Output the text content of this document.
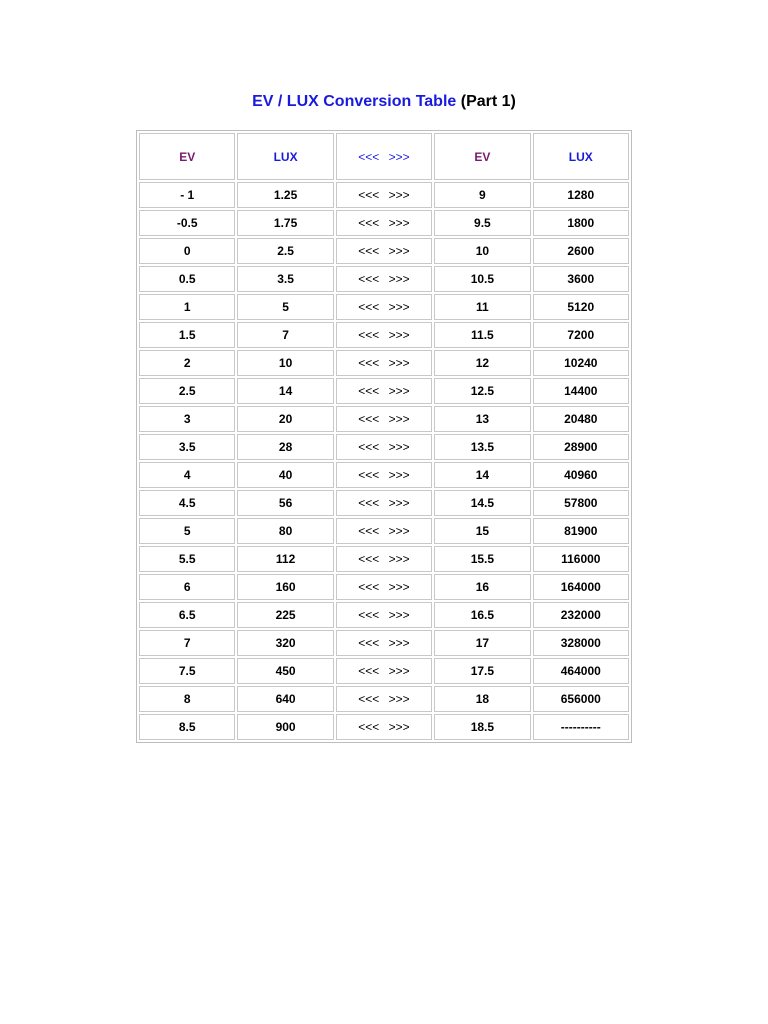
EV / LUX Conversion Table (Part 1)
EV	LUX	<<< >>>	EV	LUX
- 1	1.25	<<< >>>	9	1280
-0.5	1.75	<<< >>>	9.5	1800
0	2.5	<<< >>>	10	2600
0.5	3.5	<<< >>>	10.5	3600
1	5	<<< >>>	11	5120
1.5	7	<<< >>>	11.5	7200
2	10	<<< >>>	12	10240
2.5	14	<<< >>>	12.5	14400
3	20	<<< >>>	13	20480
3.5	28	<<< >>>	13.5	28900
4	40	<<< >>>	14	40960
4.5	56	<<< >>>	14.5	57800
5	80	<<< >>>	15	81900
5.5	112	<<< >>>	15.5	116000
6	160	<<< >>>	16	164000
6.5	225	<<< >>>	16.5	232000
7	320	<<< >>>	17	328000
7.5	450	<<< >>>	17.5	464000
8	640	<<< >>>	18	656000
8.5	900	<<< >>>	18.5	----------
